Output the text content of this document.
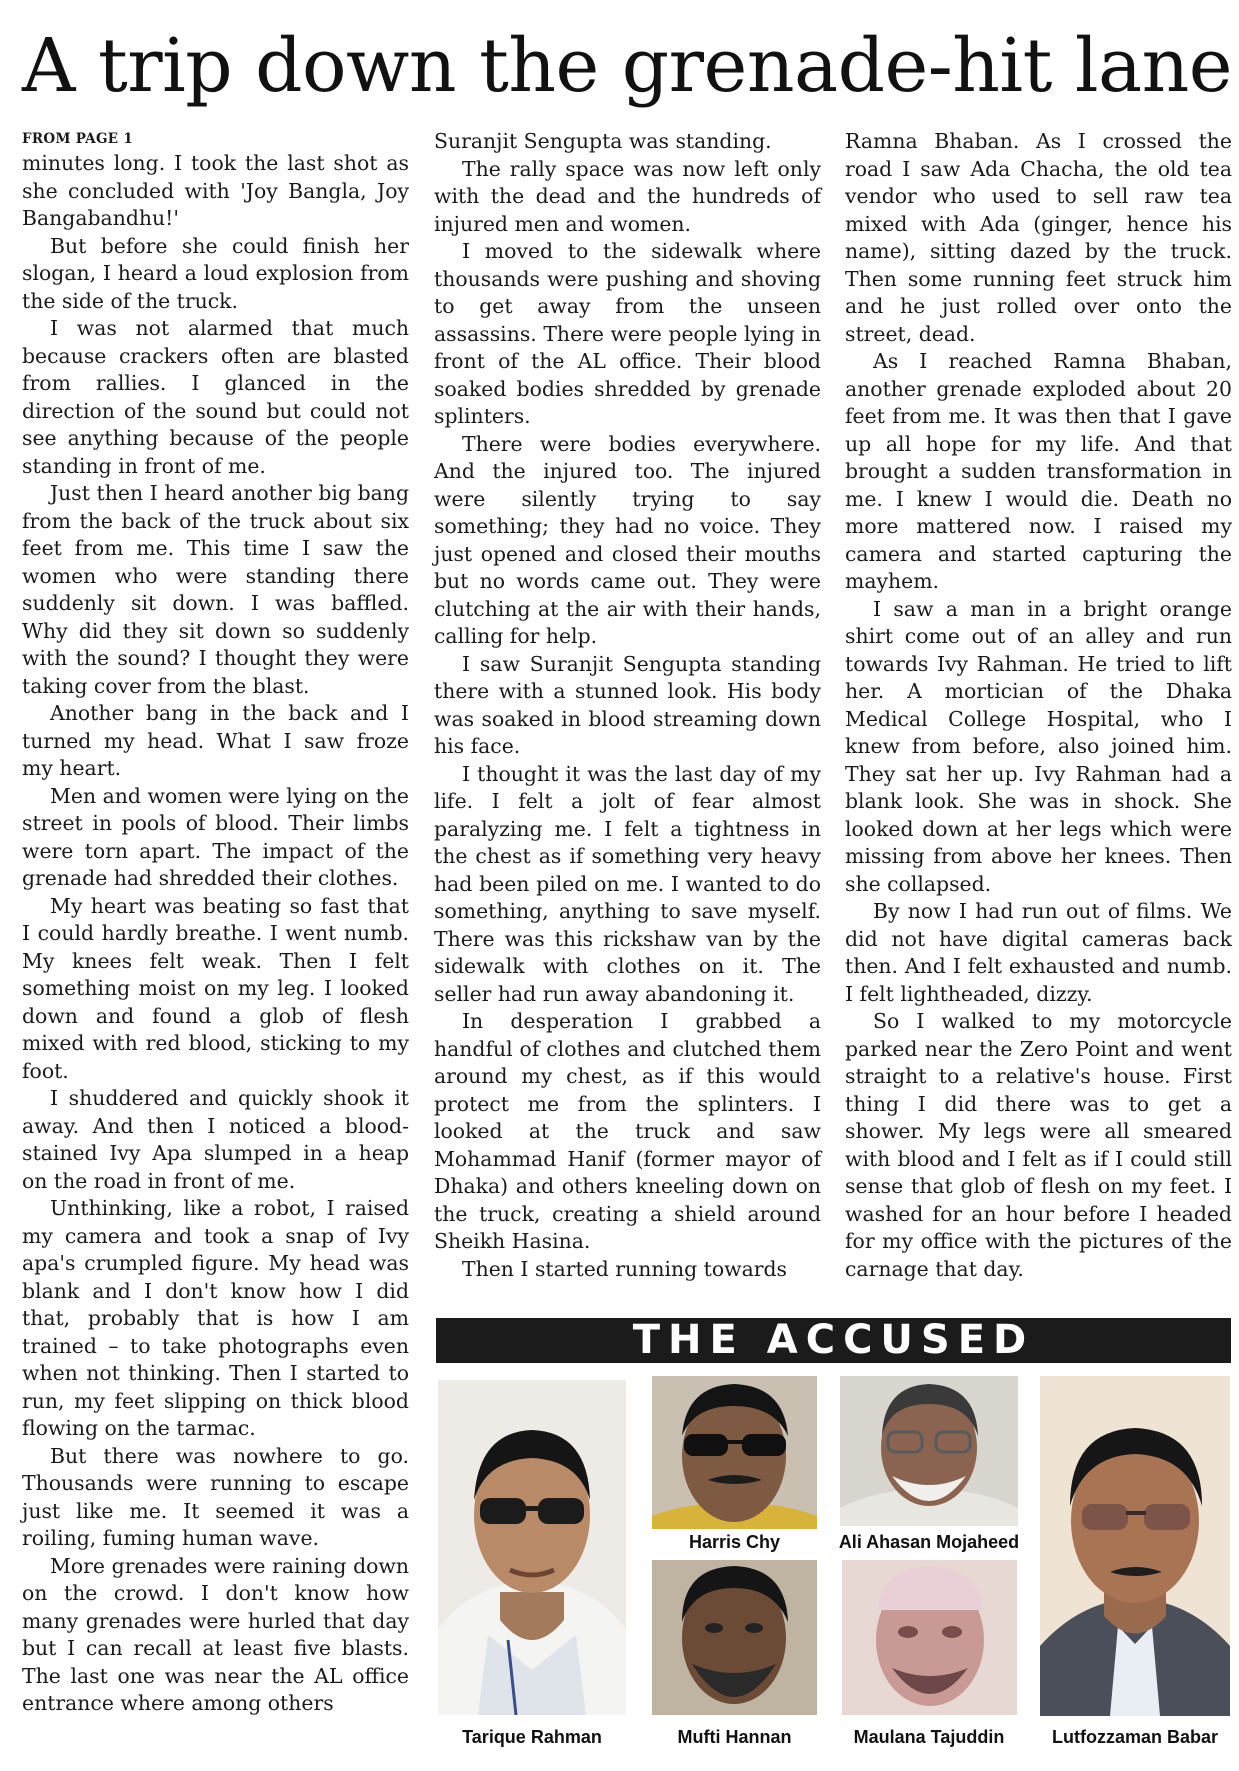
A trip down the grenade-hit lane
FROM PAGE 1

minutes long. I took the last shot as she concluded with 'Joy Bangla, Joy Bangabandhu!'

But before she could finish her slogan, I heard a loud explosion from the side of the truck.

I was not alarmed that much because crackers often are blasted from rallies. I glanced in the direction of the sound but could not see anything because of the people standing in front of me.

Just then I heard another big bang from the back of the truck about six feet from me. This time I saw the women who were standing there suddenly sit down. I was baffled. Why did they sit down so suddenly with the sound? I thought they were taking cover from the blast.

Another bang in the back and I turned my head. What I saw froze my heart.

Men and women were lying on the street in pools of blood. Their limbs were torn apart. The impact of the grenade had shredded their clothes.

My heart was beating so fast that I could hardly breathe. I went numb. My knees felt weak. Then I felt something moist on my leg. I looked down and found a glob of flesh mixed with red blood, sticking to my foot.

I shuddered and quickly shook it away. And then I noticed a blood-stained Ivy Apa slumped in a heap on the road in front of me.

Unthinking, like a robot, I raised my camera and took a snap of Ivy apa's crumpled figure. My head was blank and I don't know how I did that, probably that is how I am trained – to take photographs even when not thinking. Then I started to run, my feet slipping on thick blood flowing on the tarmac.

But there was nowhere to go. Thousands were running to escape just like me. It seemed it was a roiling, fuming human wave.

More grenades were raining down on the crowd. I don't know how many grenades were hurled that day but I can recall at least five blasts. The last one was near the AL office entrance where among others

Suranjit Sengupta was standing.

The rally space was now left only with the dead and the hundreds of injured men and women.

I moved to the sidewalk where thousands were pushing and shoving to get away from the unseen assassins. There were people lying in front of the AL office. Their blood soaked bodies shredded by grenade splinters.

There were bodies everywhere. And the injured too. The injured were silently trying to say something; they had no voice. They just opened and closed their mouths but no words came out. They were clutching at the air with their hands, calling for help.

I saw Suranjit Sengupta standing there with a stunned look. His body was soaked in blood streaming down his face.

I thought it was the last day of my life. I felt a jolt of fear almost paralyzing me. I felt a tightness in the chest as if something very heavy had been piled on me. I wanted to do something, anything to save myself. There was this rickshaw van by the sidewalk with clothes on it. The seller had run away abandoning it.

In desperation I grabbed a handful of clothes and clutched them around my chest, as if this would protect me from the splinters. I looked at the truck and saw Mohammad Hanif (former mayor of Dhaka) and others kneeling down on the truck, creating a shield around Sheikh Hasina.

Then I started running towards

Ramna Bhaban. As I crossed the road I saw Ada Chacha, the old tea vendor who used to sell raw tea mixed with Ada (ginger, hence his name), sitting dazed by the truck. Then some running feet struck him and he just rolled over onto the street, dead.

As I reached Ramna Bhaban, another grenade exploded about 20 feet from me. It was then that I gave up all hope for my life. And that brought a sudden transformation in me. I knew I would die. Death no more mattered now. I raised my camera and started capturing the mayhem.

I saw a man in a bright orange shirt come out of an alley and run towards Ivy Rahman. He tried to lift her. A mortician of the Dhaka Medical College Hospital, who I knew from before, also joined him. They sat her up. Ivy Rahman had a blank look. She was in shock. She looked down at her legs which were missing from above her knees. Then she collapsed.

By now I had run out of films. We did not have digital cameras back then. And I felt exhausted and numb. I felt lightheaded, dizzy.

So I walked to my motorcycle parked near the Zero Point and went straight to a relative's house. First thing I did there was to get a shower. My legs were all smeared with blood and I felt as if I could still sense that glob of flesh on my feet. I washed for an hour before I headed for my office with the pictures of the carnage that day.

THE ACCUSED
Tarique Rahman
Harris Chy	Ali Ahasan Mojaheed
Mufti Hannan	Maulana Tajuddin	Lutfozzaman Babar
